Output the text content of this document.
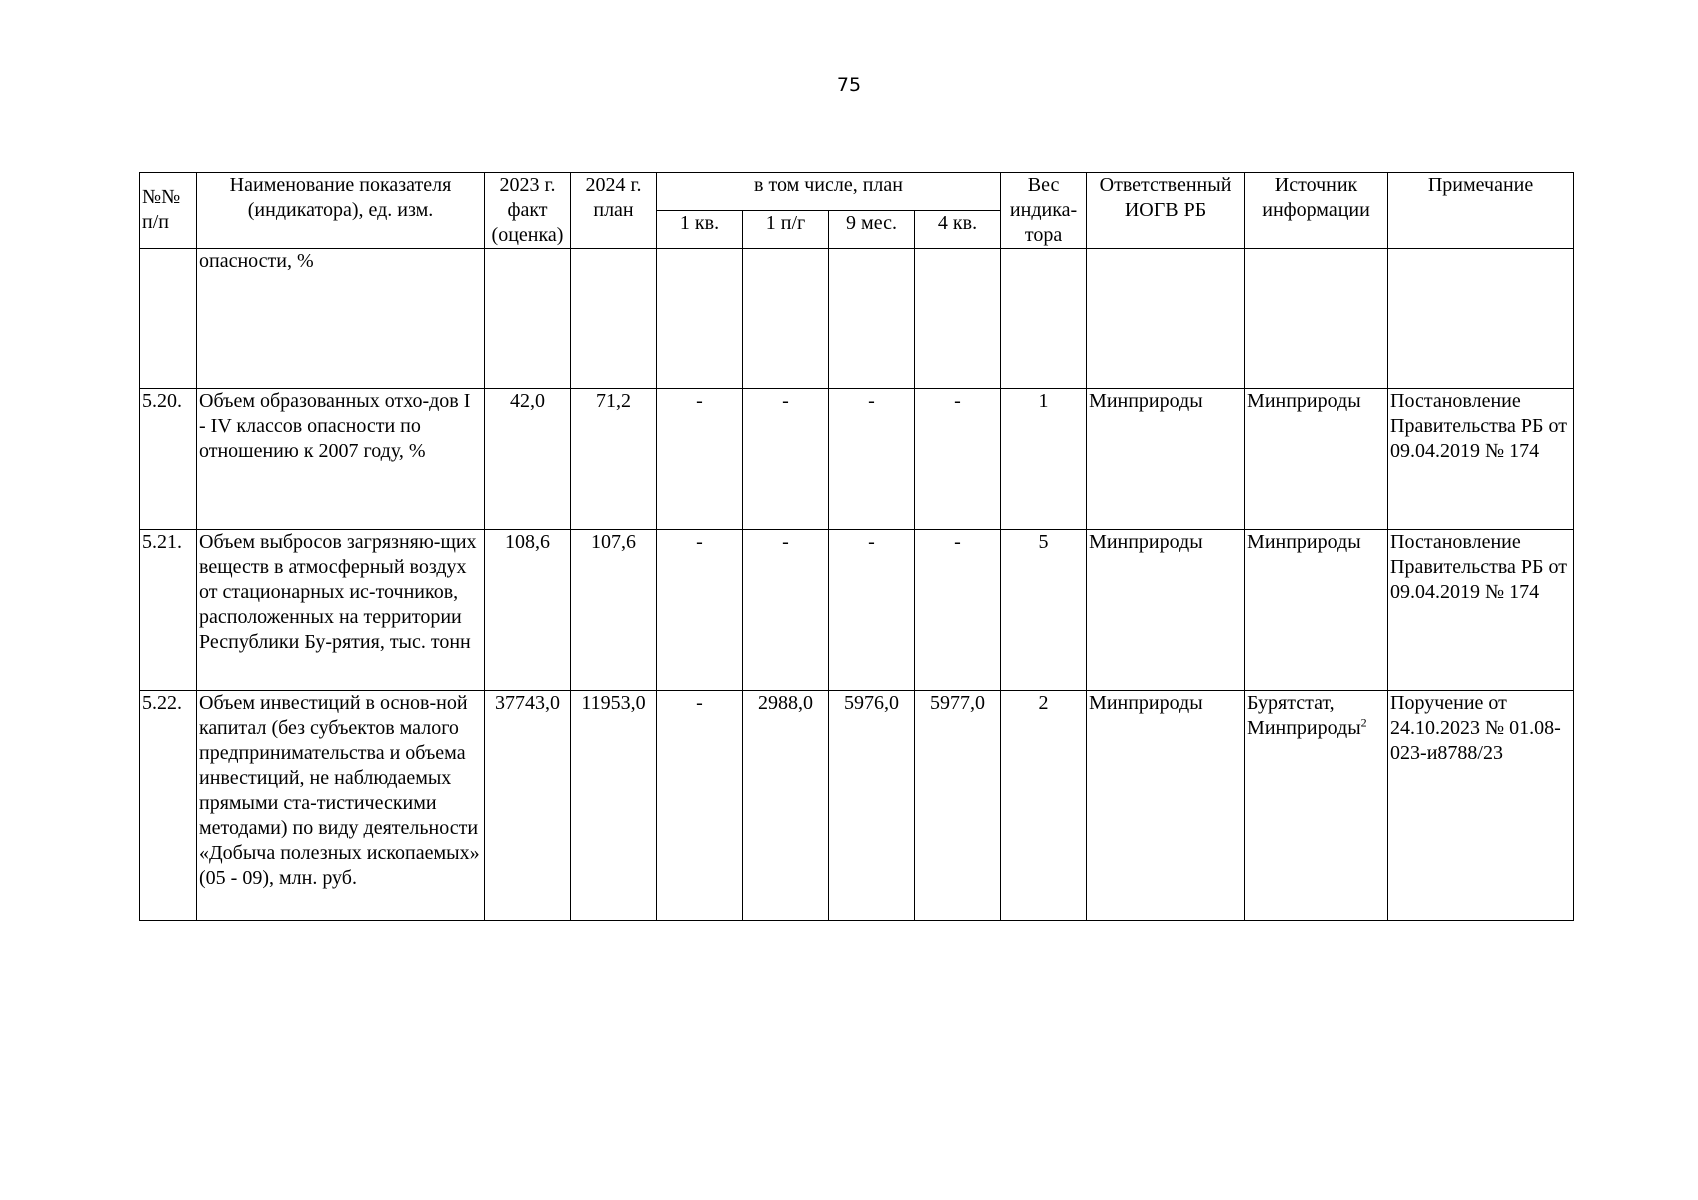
75
№№ п/п	Наименование показателя (индикатора), ед. изм.	2023 г. факт (оценка)	2024 г. план	в том числе, план				Вес индика-тора	Ответственный ИОГВ РБ	Источник информации	Примечание
				1 кв.	1 п/г	9 мес.	4 кв.				
	опасности, %										
5.20.	Объем образованных отхо-дов I - IV классов опасности по отношению к 2007 году, %	42,0	71,2	-	-	-	-	1	Минприроды	Минприроды	Постановление Правительства РБ от 09.04.2019 № 174
5.21.	Объем выбросов загрязняю-щих веществ в атмосферный воздух от стационарных ис-точников, расположенных на территории Республики Бу-рятия, тыс. тонн	108,6	107,6	-	-	-	-	5	Минприроды	Минприроды	Постановление Правительства РБ от 09.04.2019 № 174
5.22.	Объем инвестиций в основ-ной капитал (без субъектов малого предпринимательства и объема инвестиций, не наблюдаемых прямыми ста-тистическими методами) по виду деятельности «Добыча полезных ископаемых» (05 - 09), млн. руб.	37743,0	11953,0	-	2988,0	5976,0	5977,0	2	Минприроды	Бурятстат, Минприроды$^2$	Поручение от 24.10.2023 № 01.08-023-и8788/23
